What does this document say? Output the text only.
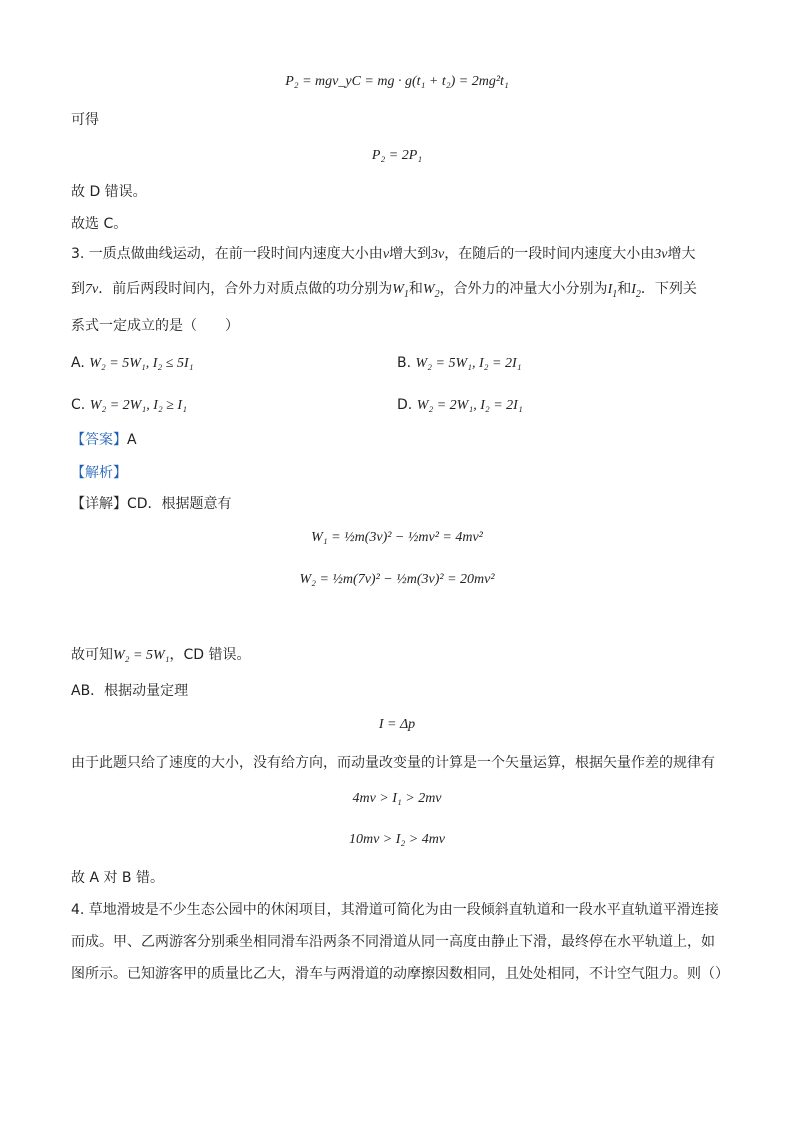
P₂ = mgv_yC = mg · g(t₁ + t₂) = 2mg²t₁
可得
P₂ = 2P₁
故 D 错误。
故选 C。
3. 一质点做曲线运动，在前一段时间内速度大小由v增大到3v，在随后的一段时间内速度大小由3v增大
到7v．前后两段时间内，合外力对质点做的功分别为$W_1$和$W_2$，合外力的冲量大小分别为$I_1$和$I_2$．下列关
系式一定成立的是（　　）
A. W₂ = 5W₁, I₂ ≤ 5I₁	B. W₂ = 5W₁, I₂ = 2I₁
C. W₂ = 2W₁, I₂ ≥ I₁	D. W₂ = 2W₁, I₂ = 2I₁
【答案】A
【解析】
【详解】CD．根据题意有
W₁ = ½m(3v)² − ½mv² = 4mv²
W₂ = ½m(7v)² − ½m(3v)² = 20mv²
故可知W₂ = 5W₁，CD 错误。
AB．根据动量定理
I = Δp
由于此题只给了速度的大小，没有给方向，而动量改变量的计算是一个矢量运算，根据矢量作差的规律有
4mv > I₁ > 2mv
10mv > I₂ > 4mv
故 A 对 B 错。
4. 草地滑坡是不少生态公园中的休闲项目，其滑道可简化为由一段倾斜直轨道和一段水平直轨道平滑连接
而成。甲、乙两游客分别乘坐相同滑车沿两条不同滑道从同一高度由静止下滑，最终停在水平轨道上，如
图所示。已知游客甲的质量比乙大，滑车与两滑道的动摩擦因数相同，且处处相同，不计空气阻力。则（）
